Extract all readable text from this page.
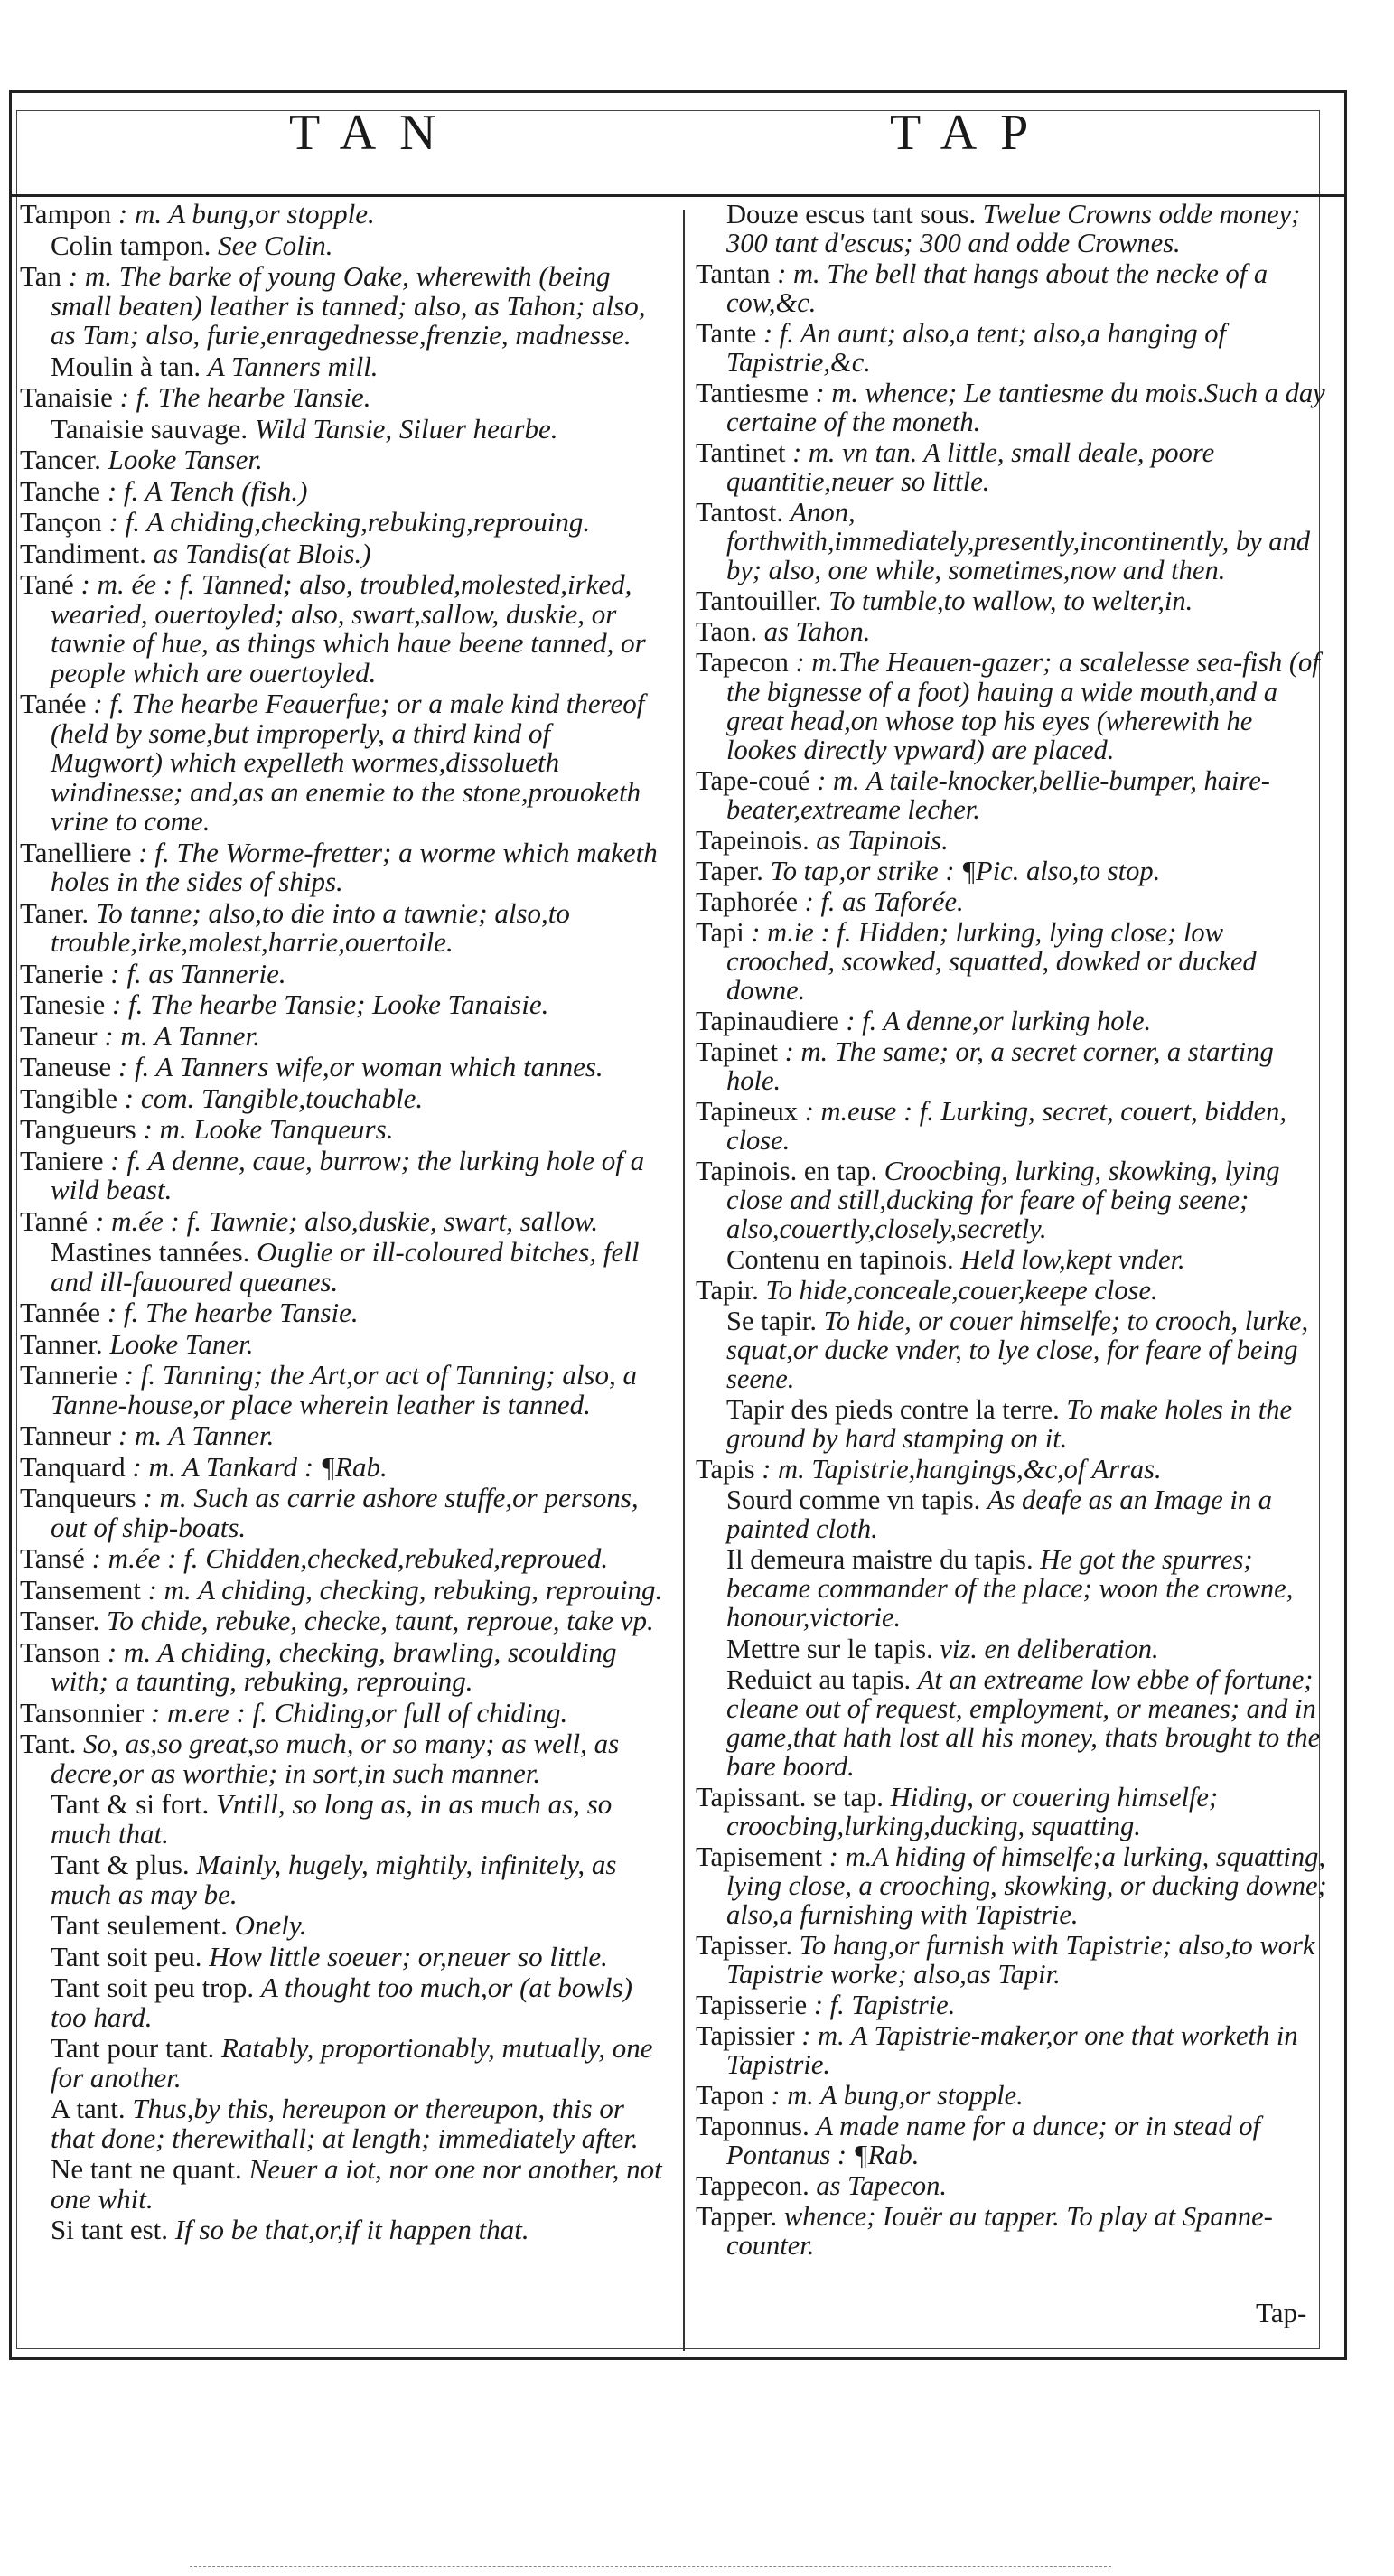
TAN	TAP
Tampon : m. A bung,or stopple.
Colin tampon. See Colin.
Tan : m. The barke of young Oake, wherewith (being small beaten) leather is tanned; also, as Tahon; also, as Tam; also, furie,enragednesse,frenzie, madnesse.
Moulin à tan. A Tanners mill.
Tanaisie : f. The hearbe Tansie.
Tanaisie sauvage. Wild Tansie, Siluer hearbe.
Tancer. Looke Tanser.
Tanche : f. A Tench (fish.)
Tançon : f. A chiding,checking,rebuking,reprouing.
Tandiment. as Tandis(at Blois.)
Tané : m. ée : f. Tanned; also, troubled,molested,irked, wearied, ouertoyled; also, swart,sallow, duskie, or tawnie of hue, as things which haue beene tanned, or people which are ouertoyled.
Tanée : f. The hearbe Feauerfue; or a male kind thereof (held by some,but improperly, a third kind of Mugwort) which expelleth wormes,dissolueth windinesse; and,as an enemie to the stone,prouoketh vrine to come.
Tanelliere : f. The Worme-fretter; a worme which maketh holes in the sides of ships.
Taner. To tanne; also,to die into a tawnie; also,to trouble,irke,molest,harrie,ouertoile.
Tanerie : f. as Tannerie.
Tanesie : f. The hearbe Tansie; Looke Tanaisie.
Taneur : m. A Tanner.
Taneuse : f. A Tanners wife,or woman which tannes.
Tangible : com. Tangible,touchable.
Tangueurs : m. Looke Tanqueurs.
Taniere : f. A denne, caue, burrow; the lurking hole of a wild beast.
Tanné : m.ée : f. Tawnie; also,duskie, swart, sallow.
Mastines tannées. Ouglie or ill-coloured bitches, fell and ill-fauoured queanes.
Tannée : f. The hearbe Tansie.
Tanner. Looke Taner.
Tannerie : f. Tanning; the Art,or act of Tanning; also, a Tanne-house,or place wherein leather is tanned.
Tanneur : m. A Tanner.
Tanquard : m. A Tankard : ¶Rab.
Tanqueurs : m. Such as carrie ashore stuffe,or persons, out of ship-boats.
Tansé : m.ée : f. Chidden,checked,rebuked,reproued.
Tansement : m. A chiding, checking, rebuking, reprouing.
Tanser. To chide, rebuke, checke, taunt, reproue, take vp.
Tanson : m. A chiding, checking, brawling, scoulding with; a taunting, rebuking, reprouing.
Tansonnier : m.ere : f. Chiding,or full of chiding.
Tant. So, as,so great,so much, or so many; as well, as decre,or as worthie; in sort,in such manner.
Tant & si fort. Vntill, so long as, in as much as, so much that.
Tant & plus. Mainly, hugely, mightily, infinitely, as much as may be.
Tant seulement. Onely.
Tant soit peu. How little soeuer; or,neuer so little.
Tant soit peu trop. A thought too much,or (at bowls) too hard.
Tant pour tant. Ratably, proportionably, mutually, one for another.
A tant. Thus,by this, hereupon or thereupon, this or that done; therewithall; at length; immediately after.
Ne tant ne quant. Neuer a iot, nor one nor another, not one whit.
Si tant est. If so be that,or,if it happen that.
Douze escus tant sous. Twelue Crowns odde money; 300 tant d'escus; 300 and odde Crownes.
Tantan : m. The bell that hangs about the necke of a cow,&c.
Tante : f. An aunt; also,a tent; also,a hanging of Tapistrie,&c.
Tantiesme : m. whence; Le tantiesme du mois.Such a day certaine of the moneth.
Tantinet : m. vn tan. A little, small deale, poore quantitie,neuer so little.
Tantost. Anon, forthwith,immediately,presently,incontinently, by and by; also, one while, sometimes,now and then.
Tantouiller. To tumble,to wallow, to welter,in.
Taon. as Tahon.
Tapecon : m.The Heauen-gazer; a scalelesse sea-fish (of the bignesse of a foot) hauing a wide mouth,and a great head,on whose top his eyes (wherewith he lookes directly vpward) are placed.
Tape-coué : m. A taile-knocker,bellie-bumper, haire-beater,extreame lecher.
Tapeinois. as Tapinois.
Taper. To tap,or strike : ¶Pic. also,to stop.
Taphorée : f. as Taforée.
Tapi : m.ie : f. Hidden; lurking, lying close; low crooched, scowked, squatted, dowked or ducked downe.
Tapinaudiere : f. A denne,or lurking hole.
Tapinet : m. The same; or, a secret corner, a starting hole.
Tapineux : m.euse : f. Lurking, secret, couert, bidden, close.
Tapinois. en tap. Croocbing, lurking, skowking, lying close and still,ducking for feare of being seene; also,couertly,closely,secretly.
Contenu en tapinois. Held low,kept vnder.
Tapir. To hide,conceale,couer,keepe close.
Se tapir. To hide, or couer himselfe; to crooch, lurke, squat,or ducke vnder, to lye close, for feare of being seene.
Tapir des pieds contre la terre. To make holes in the ground by hard stamping on it.
Tapis : m. Tapistrie,hangings,&c,of Arras.
Sourd comme vn tapis. As deafe as an Image in a painted cloth.
Il demeura maistre du tapis. He got the spurres; became commander of the place; woon the crowne, honour,victorie.
Mettre sur le tapis. viz. en deliberation.
Reduict au tapis. At an extreame low ebbe of fortune; cleane out of request, employment, or meanes; and in game,that hath lost all his money, thats brought to the bare boord.
Tapissant. se tap. Hiding, or couering himselfe; croocbing,lurking,ducking, squatting.
Tapisement : m.A hiding of himselfe;a lurking, squatting, lying close, a crooching, skowking, or ducking downe; also,a furnishing with Tapistrie.
Tapisser. To hang,or furnish with Tapistrie; also,to work Tapistrie worke; also,as Tapir.
Tapisserie : f. Tapistrie.
Tapissier : m. A Tapistrie-maker,or one that worketh in Tapistrie.
Tapon : m. A bung,or stopple.
Taponnus. A made name for a dunce; or in stead of Pontanus : ¶Rab.
Tappecon. as Tapecon.
Tapper. whence; Iouër au tapper. To play at Spanne-counter.
Tap-
